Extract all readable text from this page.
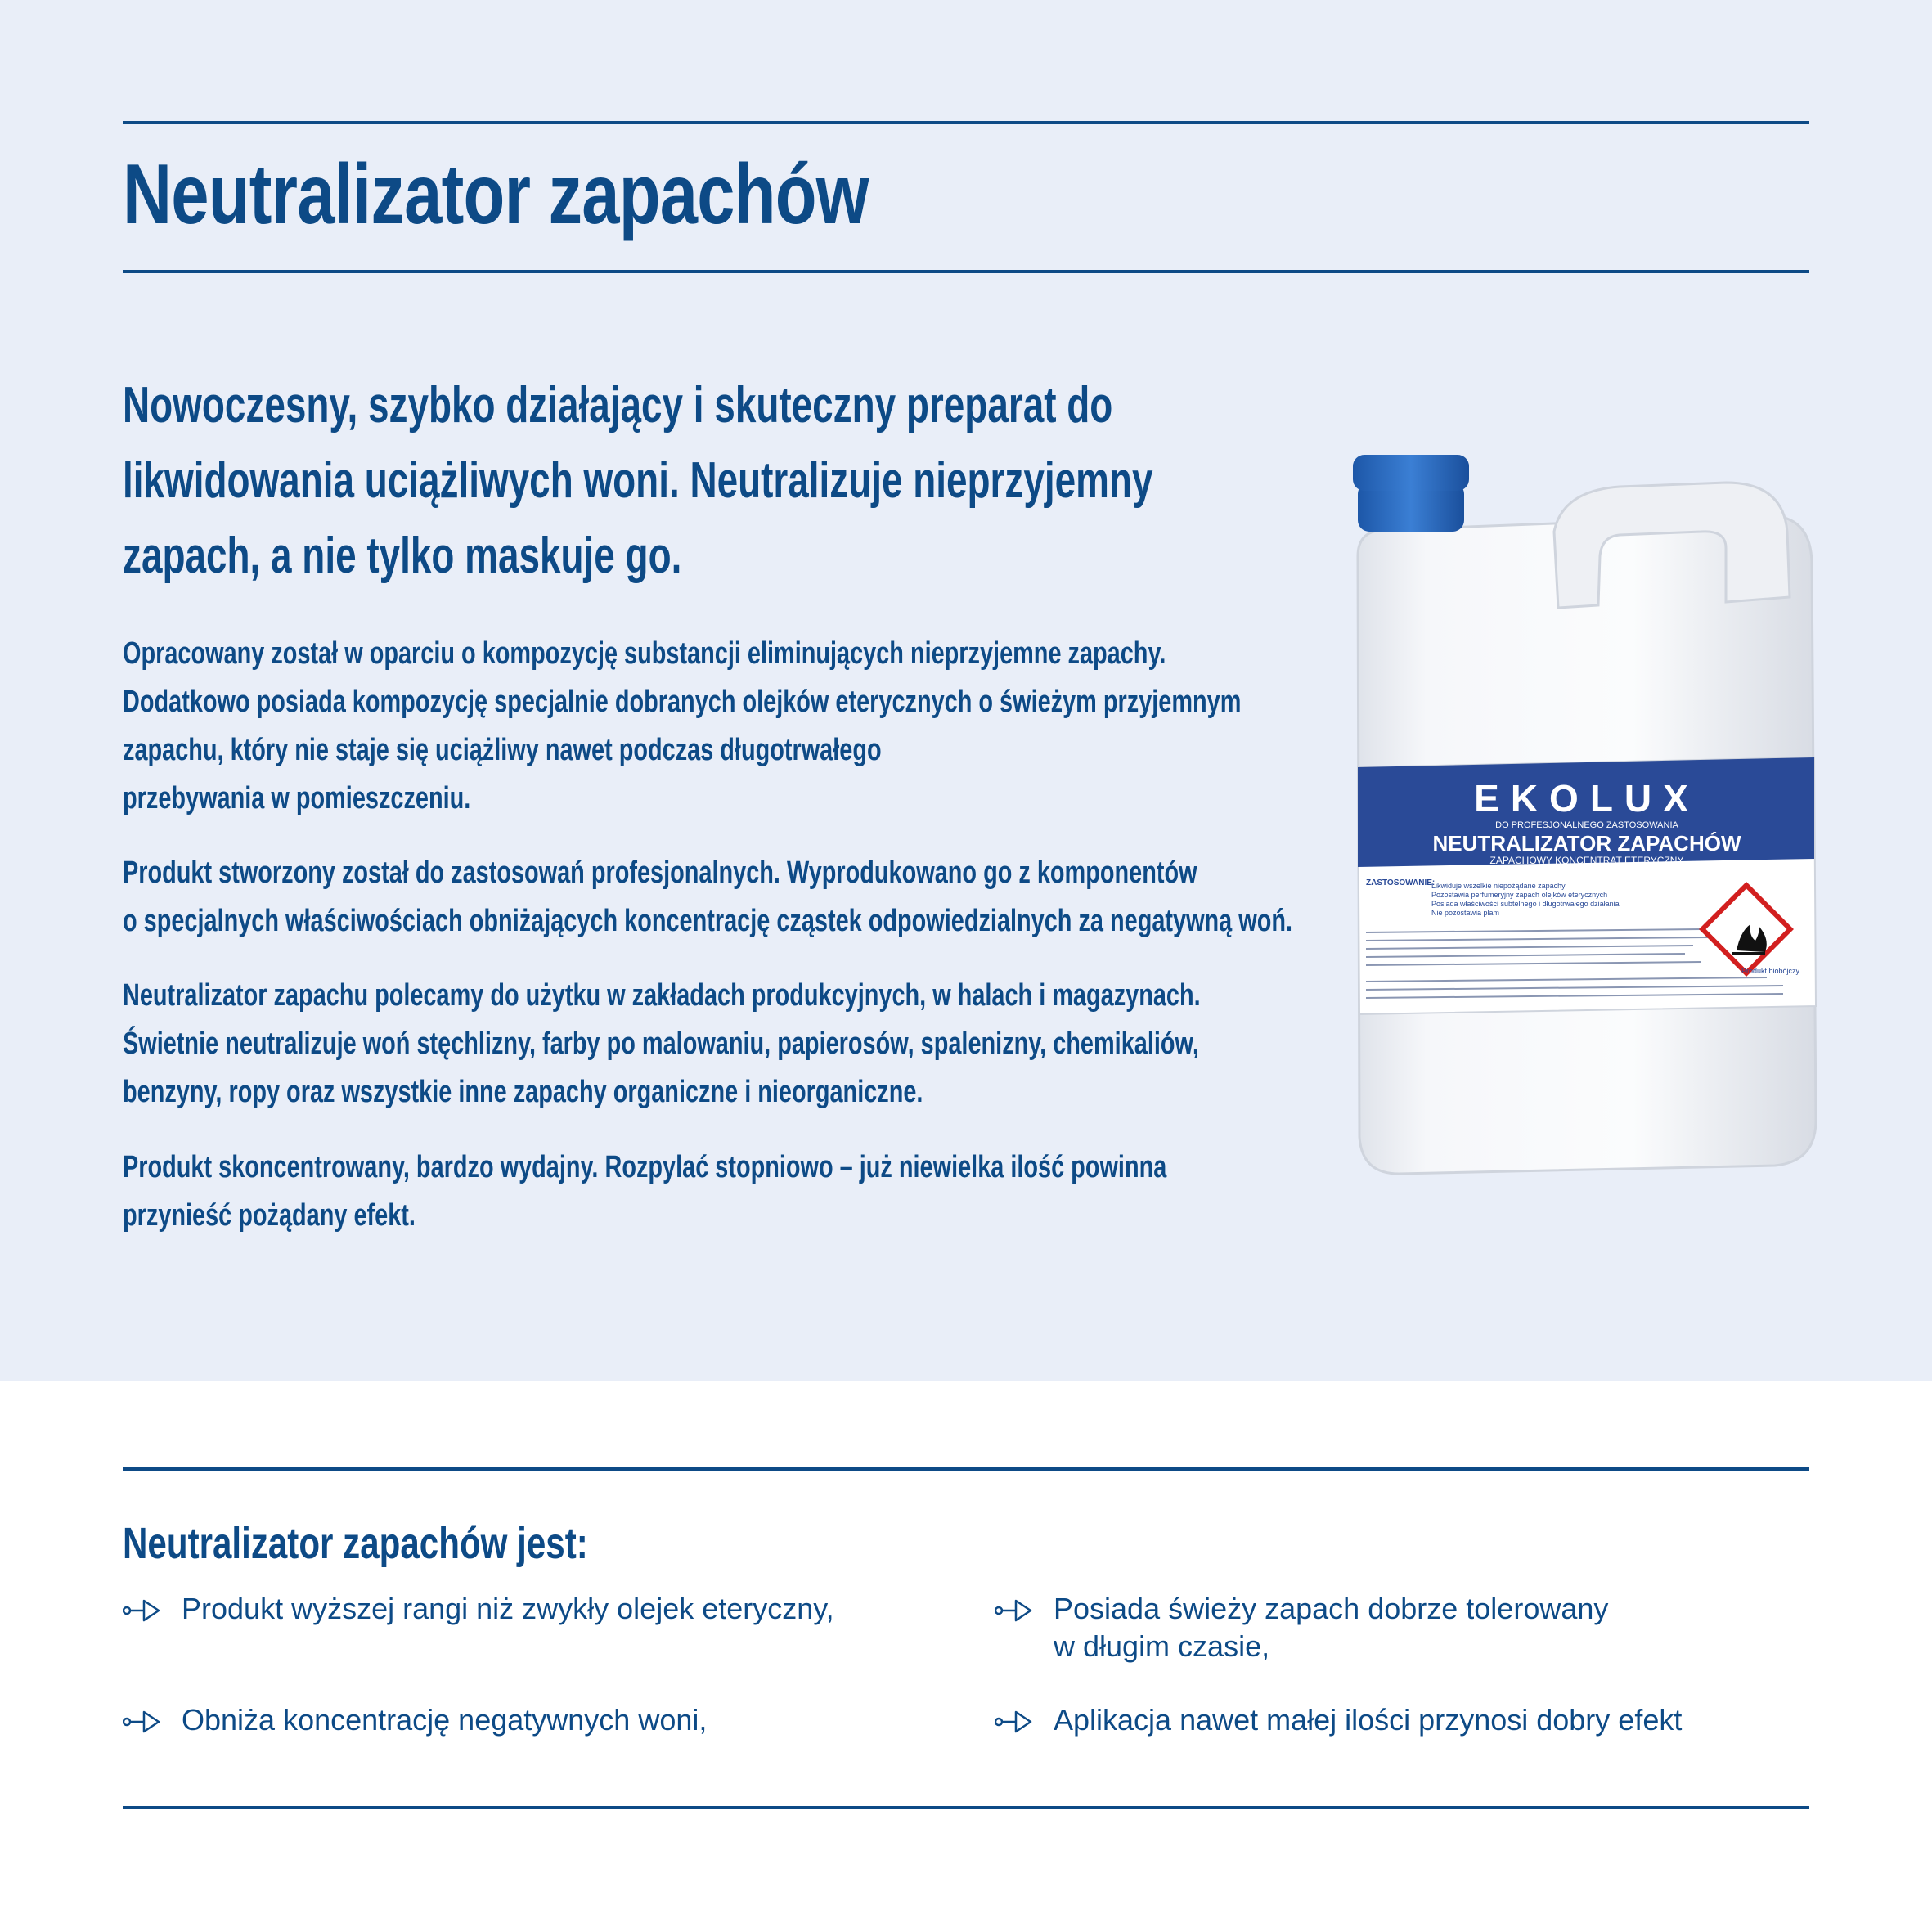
Neutralizator zapachów
Nowoczesny, szybko działający i skuteczny preparat do
likwidowania uciążliwych woni. Neutralizuje nieprzyjemny
zapach, a nie tylko maskuje go.
Opracowany został w oparciu o kompozycję substancji eliminujących nieprzyjemne zapachy.
Dodatkowo posiada kompozycję specjalnie dobranych olejków eterycznych o świeżym przyjemnym
zapachu, który nie staje się uciążliwy nawet podczas długotrwałego
przebywania w pomieszczeniu.
Produkt stworzony został do zastosowań profesjonalnych. Wyprodukowano go z komponentów
o specjalnych właściwościach obniżających koncentrację cząstek odpowiedzialnych za negatywną woń.
Neutralizator zapachu polecamy do użytku w zakładach produkcyjnych, w halach i magazynach.
Świetnie neutralizuje woń stęchlizny, farby po malowaniu, papierosów, spalenizny, chemikaliów,
benzyny, ropy oraz wszystkie inne zapachy organiczne i nieorganiczne.
Produkt skoncentrowany, bardzo wydajny. Rozpylać stopniowo – już niewielka ilość powinna
przynieść pożądany efekt.
EKOLUX
DO PROFESJONALNEGO ZASTOSOWANIA
NEUTRALIZATOR ZAPACHÓW
ZAPACHOWY KONCENTRAT ETERYCZNY
ZASTOSOWANIE:
Likwiduje wszelkie niepożądane zapachy
Pozostawia perfumeryjny zapach olejków eterycznych
Posiada właściwości subtelnego i długotrwałego działania
Nie pozostawia plam
Produkt biobójczy
Neutralizator zapachów jest:
Produkt wyższej rangi niż zwykły olejek eteryczny,	Posiada świeży zapach dobrze tolerowany
w długim czasie,
Obniża koncentrację negatywnych woni,	Aplikacja nawet małej ilości przynosi dobry efekt
